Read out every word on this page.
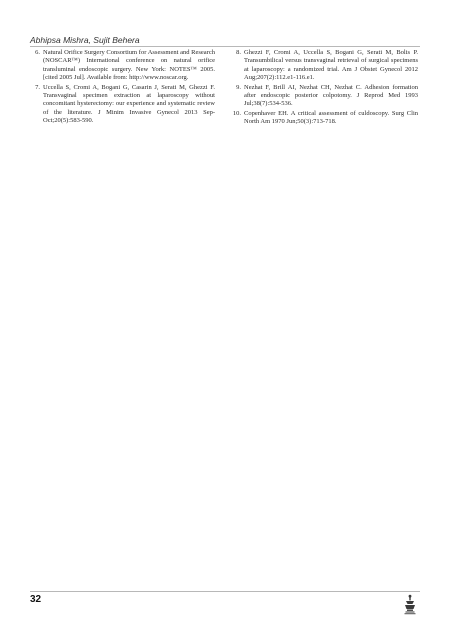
Abhipsa Mishra, Sujit Behera
6. Natural Orifice Surgery Consortium for Assessment and Research (NOSCAR™) International conference on natural orifice transluminal endoscopic surgery. New York: NOTES™ 2005. [cited 2005 Jul]. Available from: http://www.noscar.org.
7. Uccella S, Cromi A, Bogani G, Casarin J, Serati M, Ghezzi F. Transvaginal specimen extraction at laparoscopy without concomitant hysterectomy: our experience and systematic review of the literature. J Minim Invasive Gynecol 2013 Sep-Oct;20(5):583-590.
8. Ghezzi F, Cromi A, Uccella S, Bogani G, Serati M, Bolis P. Transumbilical versus transvaginal retrieval of surgical specimens at laparoscopy: a randomized trial. Am J Obstet Gynecol 2012 Aug;207(2):112.e1-116.e1.
9. Nezhat F, Brill AI, Nezhat CH, Nezhat C. Adhesion formation after endoscopic posterior colpotomy. J Reprod Med 1993 Jul;38(7):534-536.
10. Copenhaver EH. A critical assessment of culdoscopy. Surg Clin North Am 1970 Jun;50(3):713-718.
32
